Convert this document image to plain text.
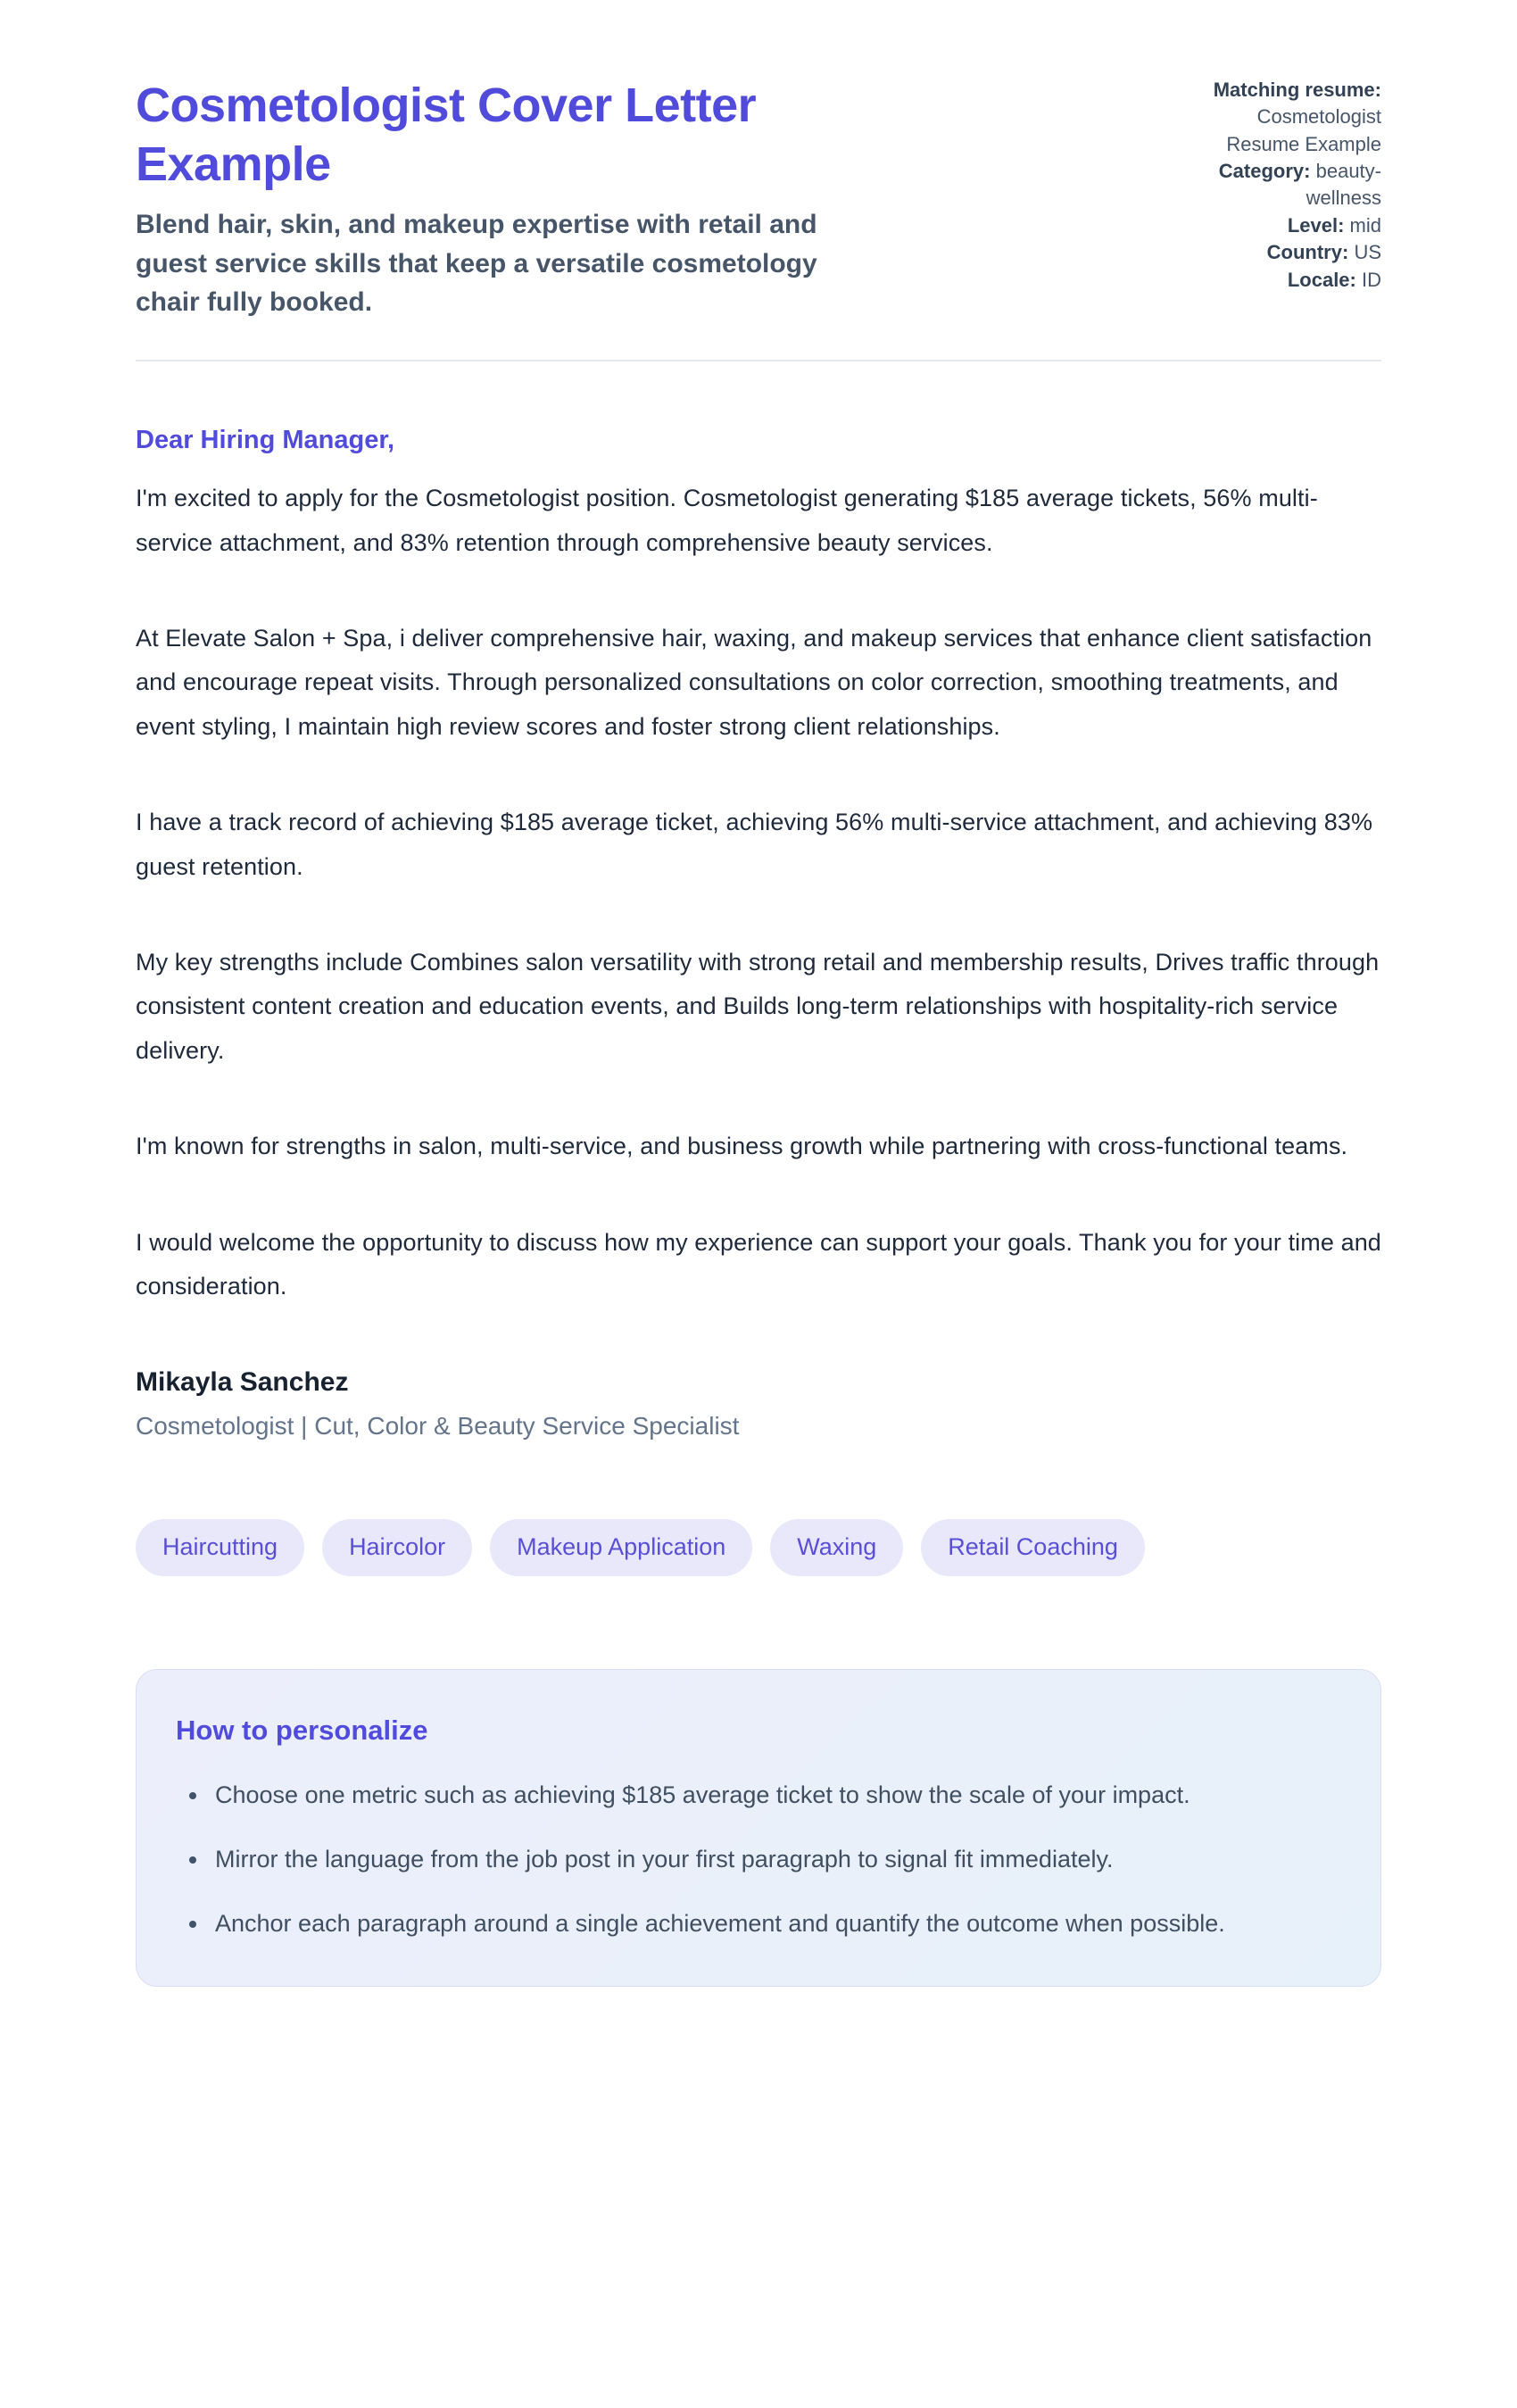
Cosmetologist Cover Letter Example

Blend hair, skin, and makeup expertise with retail and guest service skills that keep a versatile cosmetology chair fully booked.

Matching resume: Cosmetologist Resume Example
Category: beauty-wellness
Level: mid
Country: US
Locale: ID

Dear Hiring Manager,

I'm excited to apply for the Cosmetologist position. Cosmetologist generating $185 average tickets, 56% multi-service attachment, and 83% retention through comprehensive beauty services.

At Elevate Salon + Spa, i deliver comprehensive hair, waxing, and makeup services that enhance client satisfaction and encourage repeat visits. Through personalized consultations on color correction, smoothing treatments, and event styling, I maintain high review scores and foster strong client relationships.

I have a track record of achieving $185 average ticket, achieving 56% multi-service attachment, and achieving 83% guest retention.

My key strengths include Combines salon versatility with strong retail and membership results, Drives traffic through consistent content creation and education events, and Builds long-term relationships with hospitality-rich service delivery.

I'm known for strengths in salon, multi-service, and business growth while partnering with cross-functional teams.

I would welcome the opportunity to discuss how my experience can support your goals. Thank you for your time and consideration.

Mikayla Sanchez
Cosmetologist | Cut, Color & Beauty Service Specialist
Haircutting	Haircolor	Makeup Application	Waxing	Retail Coaching
How to personalize
• Choose one metric such as achieving $185 average ticket to show the scale of your impact.
• Mirror the language from the job post in your first paragraph to signal fit immediately.
• Anchor each paragraph around a single achievement and quantify the outcome when possible.
